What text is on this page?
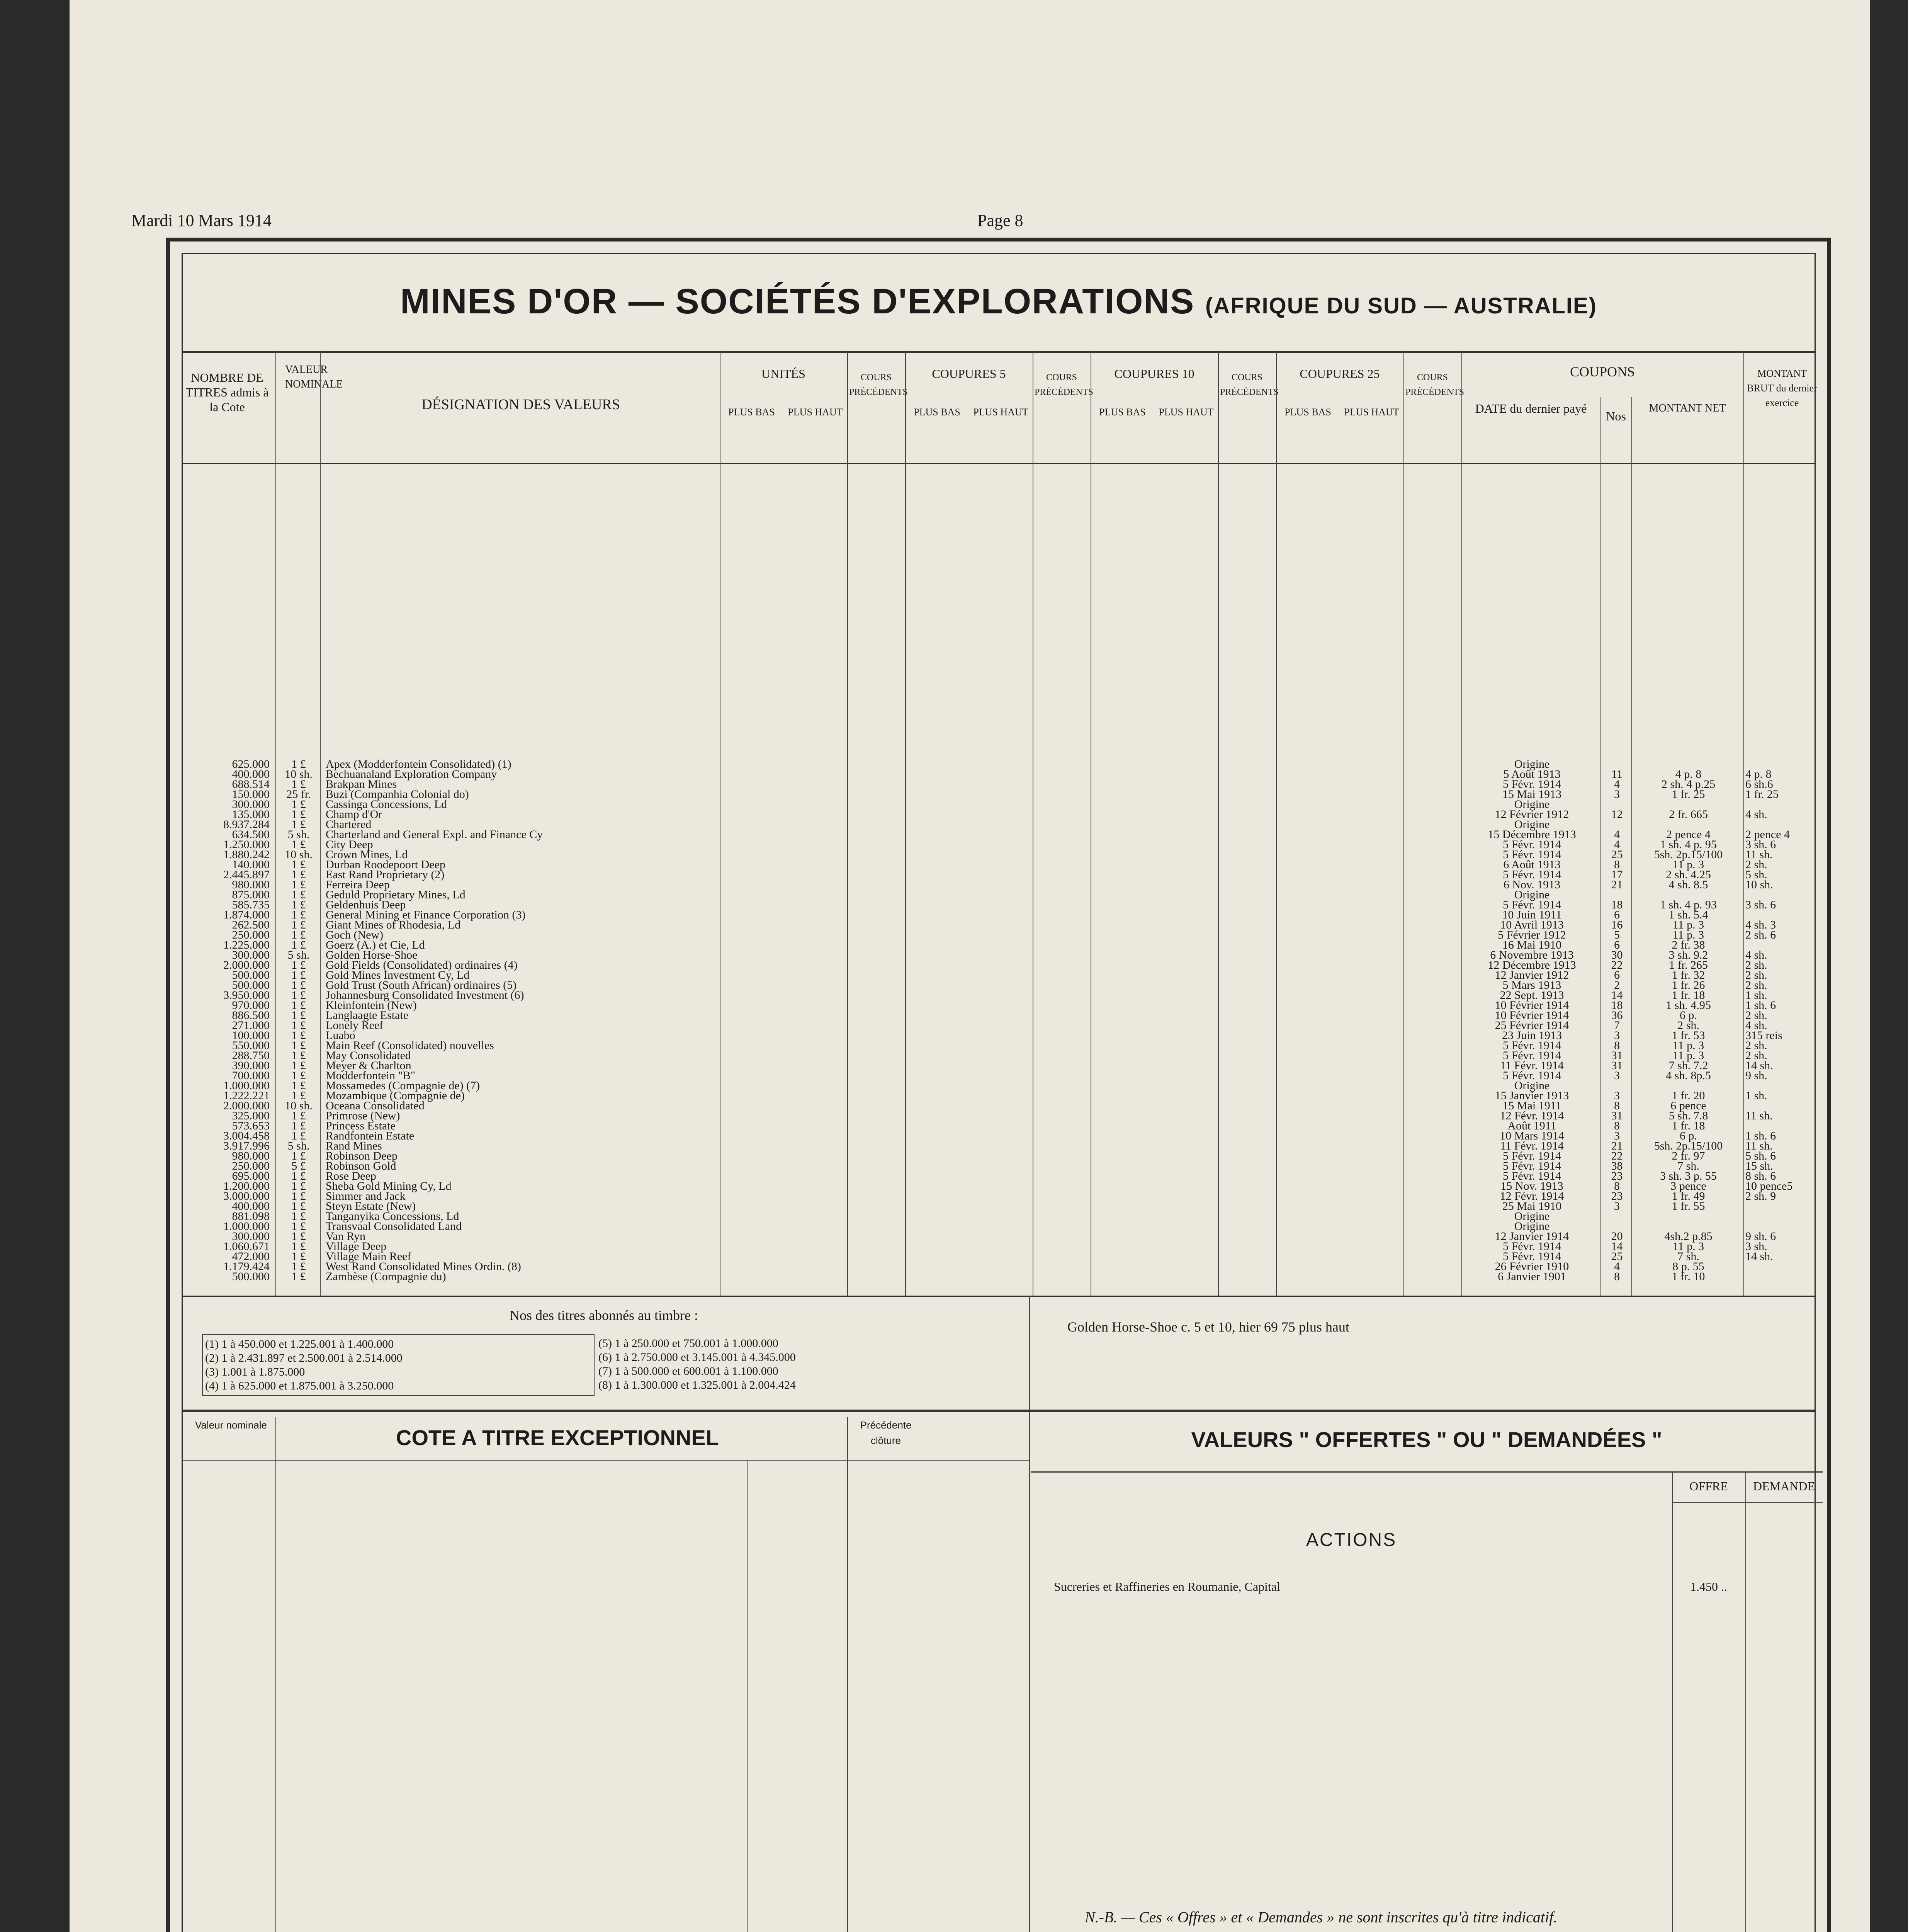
Mardi 10 Mars 1914	Page 8
MINES D'OR — SOCIÉTÉS D'EXPLORATIONS (AFRIQUE DU SUD — AUSTRALIE)
NOMBRE DE TITRES admis à la Cote
VALEUR NOMINALE
DÉSIGNATION DES VALEURS
UNITÉS
PLUS BAS	PLUS HAUT
COURS PRÉCÉDENTS
COUPURES 5
PLUS BAS	PLUS HAUT
COURS PRÉCÉDENTS
COUPURES 10
PLUS BAS	PLUS HAUT
COURS PRÉCÉDENTS
COUPURES 25
PLUS BAS	PLUS HAUT
COURS PRÉCÉDENTS
COUPONS
DATE du dernier payé
Nos
MONTANT NET
MONTANT BRUT du dernier exercice
625.000	1 £	Apex (Modderfontein Consolidated) (1)	Origine
400.000	10 sh.	Bechuanaland Exploration Company	5 Août 1913	11	4 p. 8	4 p. 8
688.514	1 £	Brakpan Mines	5 Févr. 1914	4	2 sh. 4 p.25	6 sh.6
150.000	25 fr.	Buzi (Companhia Colonial do)	15 Mai 1913	3	1 fr. 25	1 fr. 25
300.000	1 £	Cassinga Concessions, Ld	Origine
135.000	1 £	Champ d'Or	12 Février 1912	12	2 fr. 665	4 sh.
8.937.284	1 £	Chartered	Origine
634.500	5 sh.	Charterland and General Expl. and Finance Cy	15 Décembre 1913	4	2 pence 4	2 pence 4
1.250.000	1 £	City Deep	5 Févr. 1914	4	1 sh. 4 p. 95	3 sh. 6
1.880.242	10 sh.	Crown Mines, Ld	5 Févr. 1914	25	5sh. 2p.15/100	11 sh.
140.000	1 £	Durban Roodepoort Deep	6 Août 1913	8	11 p. 3	2 sh.
2.445.897	1 £	East Rand Proprietary (2)	5 Févr. 1914	17	2 sh. 4.25	5 sh.
980.000	1 £	Ferreira Deep	6 Nov. 1913	21	4 sh. 8.5	10 sh.
875.000	1 £	Geduld Proprietary Mines, Ld	Origine
585.735	1 £	Geldenhuis Deep	5 Févr. 1914	18	1 sh. 4 p. 93	3 sh. 6
1.874.000	1 £	General Mining et Finance Corporation (3)	10 Juin 1911	6	1 sh. 5.4
262.500	1 £	Giant Mines of Rhodesia, Ld	10 Avril 1913	16	11 p. 3	4 sh. 3
250.000	1 £	Goch (New)	5 Février 1912	5	11 p. 3	2 sh. 6
1.225.000	1 £	Goerz (A.) et Cie, Ld	16 Mai 1910	6	2 fr. 38
300.000	5 sh.	Golden Horse-Shoe	6 Novembre 1913	30	3 sh. 9.2	4 sh.
2.000.000	1 £	Gold Fields (Consolidated) ordinaires (4)	12 Décembre 1913	22	1 fr. 265	2 sh.
500.000	1 £	Gold Mines Investment Cy, Ld	12 Janvier 1912	6	1 fr. 32	2 sh.
500.000	1 £	Gold Trust (South African) ordinaires (5)	5 Mars 1913	2	1 fr. 26	2 sh.
3.950.000	1 £	Johannesburg Consolidated Investment (6)	22 Sept. 1913	14	1 fr. 18	1 sh.
970.000	1 £	Kleinfontein (New)	10 Février 1914	18	1 sh. 4.95	1 sh. 6
886.500	1 £	Langlaagte Estate	10 Février 1914	36	6 p.	2 sh.
271.000	1 £	Lonely Reef	25 Février 1914	7	2 sh.	4 sh.
100.000	1 £	Luabo	23 Juin 1913	3	1 fr. 53	315 reis
550.000	1 £	Main Reef (Consolidated) nouvelles	5 Févr. 1914	8	11 p. 3	2 sh.
288.750	1 £	May Consolidated	5 Févr. 1914	31	11 p. 3	2 sh.
390.000	1 £	Meyer & Charlton	11 Févr. 1914	31	7 sh. 7.2	14 sh.
700.000	1 £	Modderfontein "B"	5 Févr. 1914	3	4 sh. 8p.5	9 sh.
1.000.000	1 £	Mossamedes (Compagnie de) (7)	Origine
1.222.221	1 £	Mozambique (Compagnie de)	15 Janvier 1913	3	1 fr. 20	1 sh.
2.000.000	10 sh.	Oceana Consolidated	15 Mai 1911	8	6 pence
325.000	1 £	Primrose (New)	12 Févr. 1914	31	5 sh. 7.8	11 sh.
573.653	1 £	Princess Estate	Août 1911	8	1 fr. 18
3.004.458	1 £	Randfontein Estate	10 Mars 1914	3	6 p.	1 sh. 6
3.917.996	5 sh.	Rand Mines	11 Févr. 1914	21	5sh. 2p.15/100	11 sh.
980.000	1 £	Robinson Deep	5 Févr. 1914	22	2 fr. 97	5 sh. 6
250.000	5 £	Robinson Gold	5 Févr. 1914	38	7 sh.	15 sh.
695.000	1 £	Rose Deep	5 Févr. 1914	23	3 sh. 3 p. 55	8 sh. 6
1.200.000	1 £	Sheba Gold Mining Cy, Ld	15 Nov. 1913	8	3 pence	10 pence5
3.000.000	1 £	Simmer and Jack	12 Févr. 1914	23	1 fr. 49	2 sh. 9
400.000	1 £	Steyn Estate (New)	25 Mai 1910	3	1 fr. 55
881.098	1 £	Tanganyika Concessions, Ld	Origine
1.000.000	1 £	Transvaal Consolidated Land	Origine
300.000	1 £	Van Ryn	12 Janvier 1914	20	4sh.2 p.85	9 sh. 6
1.060.671	1 £	Village Deep	5 Févr. 1914	14	11 p. 3	3 sh.
472.000	1 £	Village Main Reef	5 Févr. 1914	25	7 sh.	14 sh.
1.179.424	1 £	West Rand Consolidated Mines Ordin. (8)	26 Février 1910	4	8 p. 55
500.000	1 £	Zambèse (Compagnie du)	6 Janvier 1901	8	1 fr. 10
Nos des titres abonnés au timbre :
(1) 1 à 450.000 et 1.225.001 à 1.400.000
(2) 1 à 2.431.897 et 2.500.001 à 2.514.000
(3) 1.001 à 1.875.000
(4) 1 à 625.000 et 1.875.001 à 3.250.000
(5) 1 à 250.000 et 750.001 à 1.000.000
(6) 1 à 2.750.000 et 3.145.001 à 4.345.000
(7) 1 à 500.000 et 600.001 à 1.100.000
(8) 1 à 1.300.000 et 1.325.001 à 2.004.424
Golden Horse-Shoe c. 5 et 10, hier 69 75 plus haut
Valeur nominale
COTE A TITRE EXCEPTIONNEL
Précédente clôture	VALEURS " OFFERTES " OU " DEMANDÉES "
OFFRE	DEMANDE
ACTIONS
Sucreries et Raffineries en Roumanie, Capital	1.450 ..
N.-B. — Ces « Offres » et « Demandes » ne sont inscrites qu'à titre indicatif.
